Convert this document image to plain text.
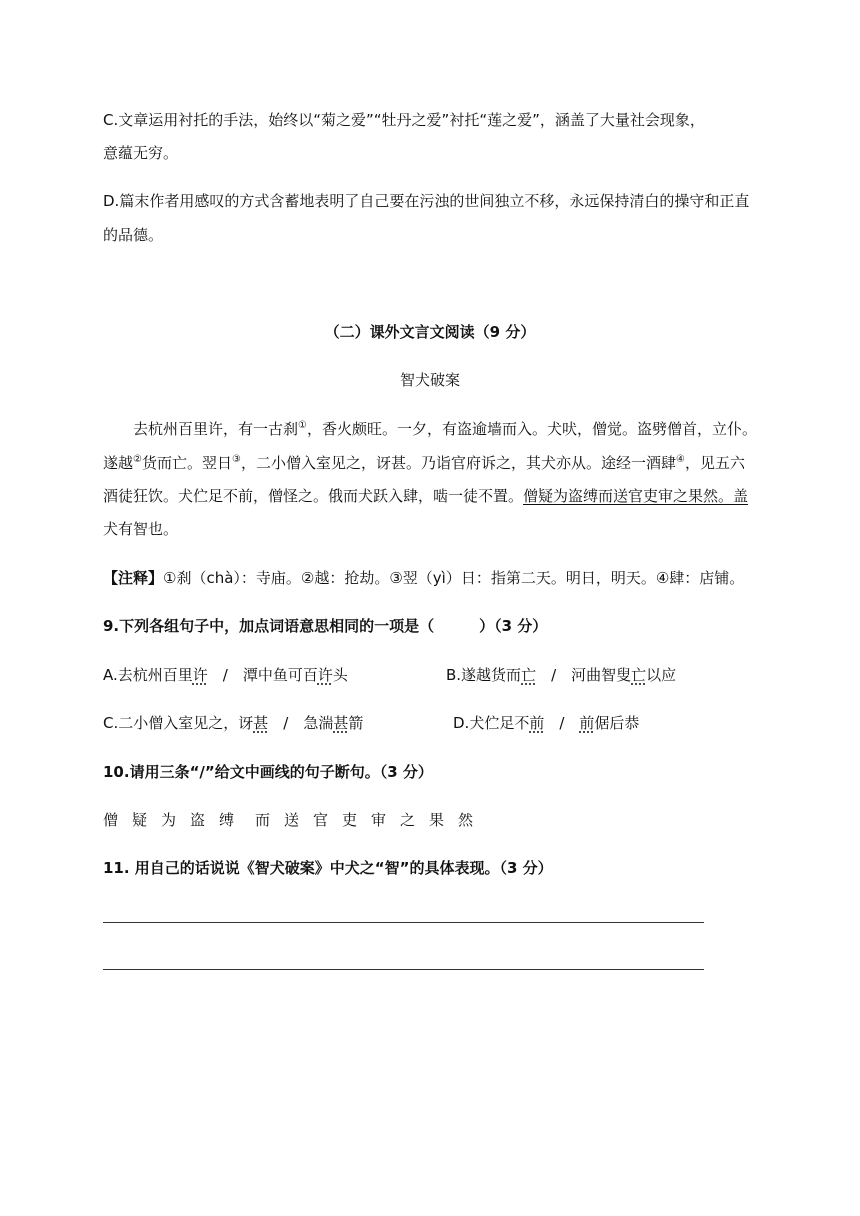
C.文章运用衬托的手法，始终以“菊之爱”“牡丹之爱”衬托“莲之爱”，涵盖了大量社会现象，
意蕴无穷。
D.篇末作者用感叹的方式含蓄地表明了自己要在污浊的世间独立不移，永远保持清白的操守和正直
的品德。
（二）课外文言文阅读（9 分）
智犬破案
去杭州百里许，有一古刹①，香火颇旺。一夕，有盗逾墙而入。犬吠，僧觉。盗劈僧首，立仆。
遂越②货而亡。翌日③，二小僧入室见之，讶甚。乃诣官府诉之，其犬亦从。途经一酒肆④，见五六
酒徒狂饮。犬伫足不前，僧怪之。俄而犬跃入肆，啮一徒不置。僧疑为盗缚而送官吏审之果然。盖
犬有智也。
【注释】①刹（chà）：寺庙。②越：抢劫。③翌（yì）日：指第二天。明日，明天。④肆：店铺。
9.下列各组句子中，加点词语意思相同的一项是（　　　）（3 分）
A.去杭州百里许　/　潭中鱼可百许头	B.遂越货而亡　/　河曲智叟亡以应
C.二小僧入室见之，讶甚　/　急湍甚箭	D.犬伫足不前　/　前倨后恭
10.请用三条“/”给文中画线的句子断句。（3 分）
僧 疑 为 盗 缚 而 送 官 吏 审 之 果 然
11. 用自己的话说说《智犬破案》中犬之“智”的具体表现。（3 分）
